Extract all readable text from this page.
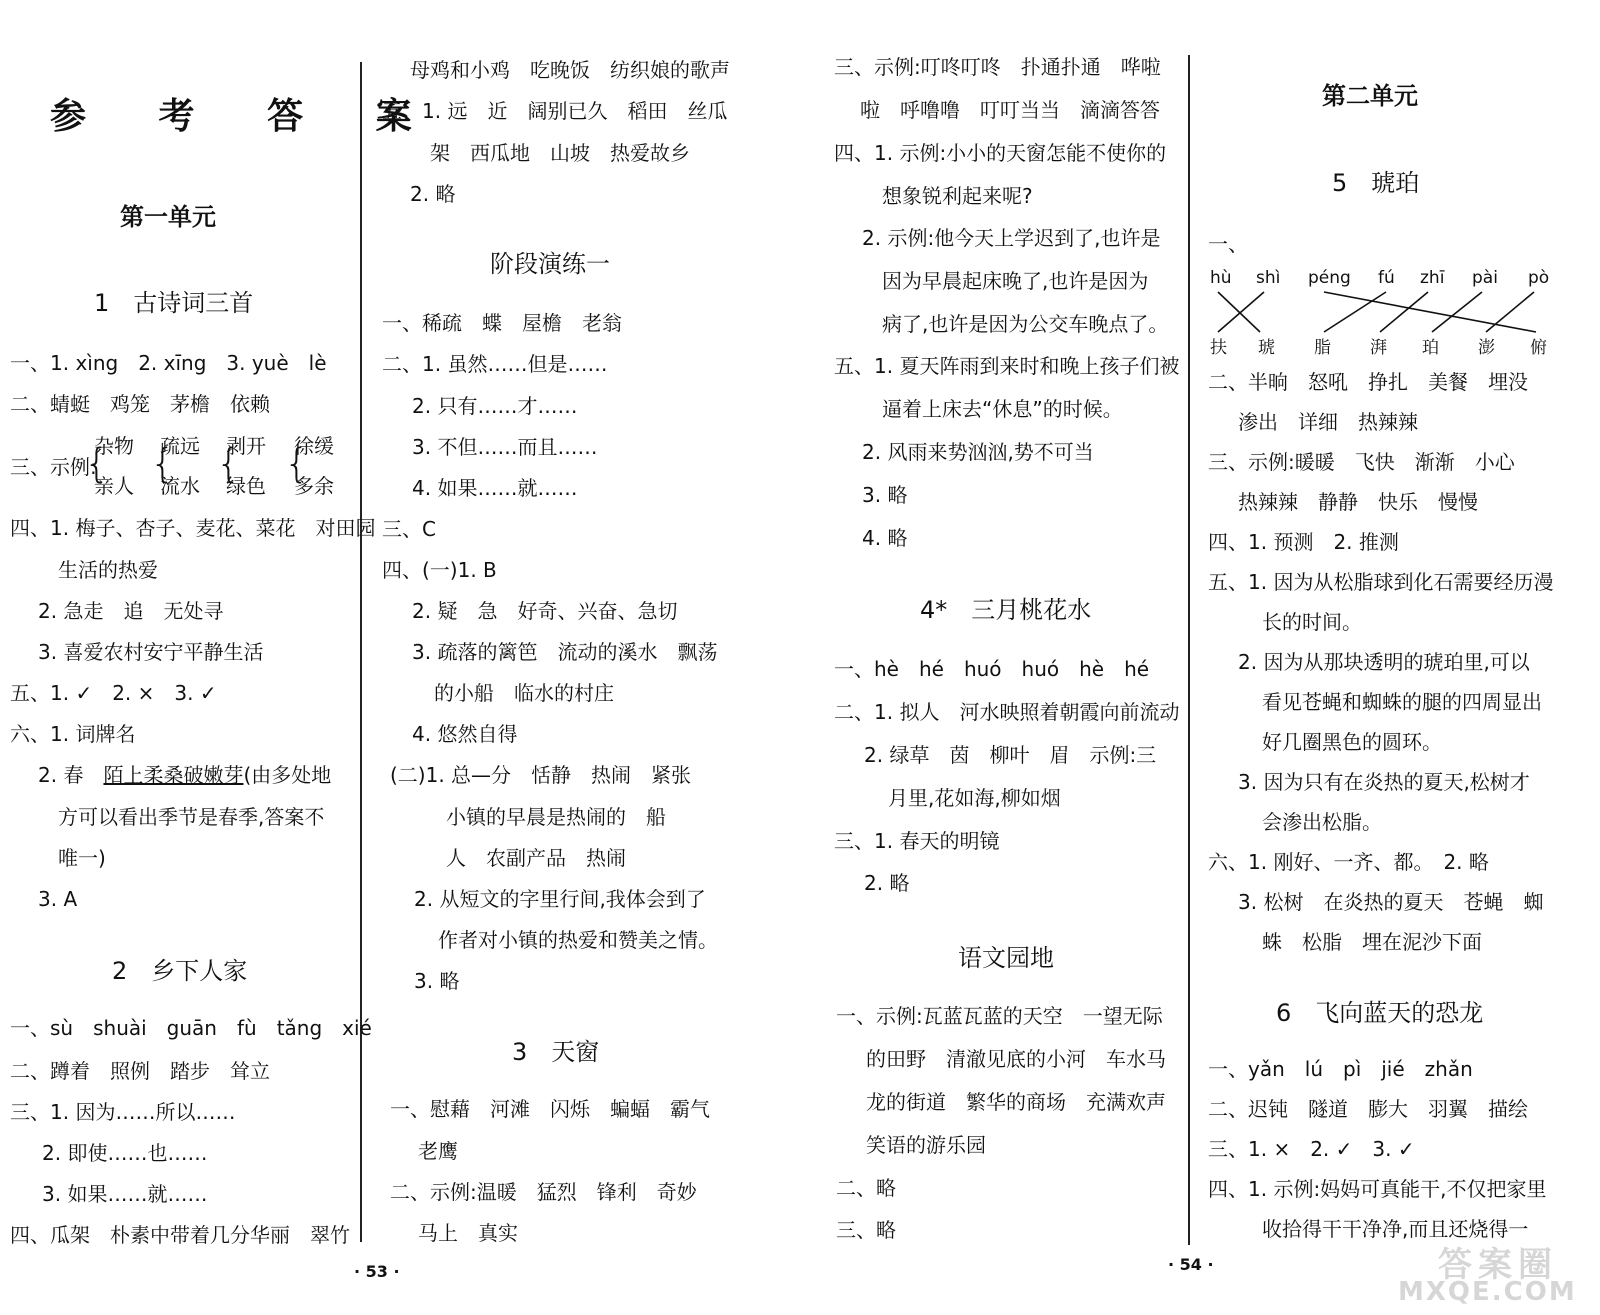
参 考 答 案
第一单元
1　古诗词三首
一、1. xìng　2. xīng　3. yuè　lè
二、蜻蜓　鸡笼　茅檐　依赖
三、示例:
{
杂物
亲人 {
疏远
流水 {
剥开
绿色 {
徐缓
多余
四、1. 梅子、杏子、麦花、菜花　对田园
生活的热爱
2. 急走　追　无处寻
3. 喜爱农村安宁平静生活
五、1. ✓　2. ×　3. ✓
六、1. 词牌名
2. 春　陌上柔桑破嫩芽(由多处地
方可以看出季节是春季,答案不
唯一)
3. A
2　乡下人家
一、sù　shuài　guān　fù　tǎng　xié
二、蹲着　照例　踏步　耸立
三、1. 因为……所以……
2. 即使……也……
3. 如果……就……
四、瓜架　朴素中带着几分华丽　翠竹
母鸡和小鸡　吃晚饭　纺织娘的歌声
五、1. 远　近　阔别已久　稻田　丝瓜
架　西瓜地　山坡　热爱故乡
2. 略
阶段演练一
一、稀疏　蝶　屋檐　老翁
二、1. 虽然……但是……
2. 只有……才……
3. 不但……而且……
4. 如果……就……
三、C
四、(一)1. B
2. 疑　急　好奇、兴奋、急切
3. 疏落的篱笆　流动的溪水　飘荡
的小船　临水的村庄
4. 悠然自得
(二)1. 总—分　恬静　热闹　紧张
小镇的早晨是热闹的　船
人　农副产品　热闹
2. 从短文的字里行间,我体会到了
作者对小镇的热爱和赞美之情。
3. 略
3　天窗
一、慰藉　河滩　闪烁　蝙蝠　霸气
老鹰
二、示例:温暖　猛烈　锋利　奇妙
马上　真实
· 53 ·
三、示例:叮咚叮咚　扑通扑通　哗啦
啦　呼噜噜　叮叮当当　滴滴答答
四、1. 示例:小小的天窗怎能不使你的
想象锐利起来呢?
2. 示例:他今天上学迟到了,也许是
因为早晨起床晚了,也许是因为
病了,也许是因为公交车晚点了。
五、1. 夏天阵雨到来时和晚上孩子们被
逼着上床去“休息”的时候。
2. 风雨来势汹汹,势不可当
3. 略
4. 略
4*　三月桃花水
一、hè　hé　huó　huó　hè　hé
二、1. 拟人　河水映照着朝霞向前流动
2. 绿草　茵　柳叶　眉　示例:三
月里,花如海,柳如烟
三、1. 春天的明镜
2. 略
语文园地
一、示例:瓦蓝瓦蓝的天空　一望无际
的田野　清澈见底的小河　车水马
龙的街道　繁华的商场　充满欢声
笑语的游乐园
二、略
三、略
第二单元
5　琥珀
一、
hù shì péng fú zhī pài pò
扶 琥 脂 湃 珀 澎 俯
二、半晌　怒吼　挣扎　美餐　埋没
渗出　详细　热辣辣
三、示例:暖暖　飞快　渐渐　小心
热辣辣　静静　快乐　慢慢
四、1. 预测　2. 推测
五、1. 因为从松脂球到化石需要经历漫
长的时间。
2. 因为从那块透明的琥珀里,可以
看见苍蝇和蜘蛛的腿的四周显出
好几圈黑色的圆环。
3. 因为只有在炎热的夏天,松树才
会渗出松脂。
六、1. 刚好、一齐、都。　2. 略
3. 松树　在炎热的夏天　苍蝇　蜘
蛛　松脂　埋在泥沙下面
6　飞向蓝天的恐龙
一、yǎn　lú　pì　jié　zhǎn
二、迟钝　隧道　膨大　羽翼　描绘
三、1. ×　2. ✓　3. ✓
四、1. 示例:妈妈可真能干,不仅把家里
收拾得干干净净,而且还烧得一
· 54 ·	答案圈
MXQE.COM
